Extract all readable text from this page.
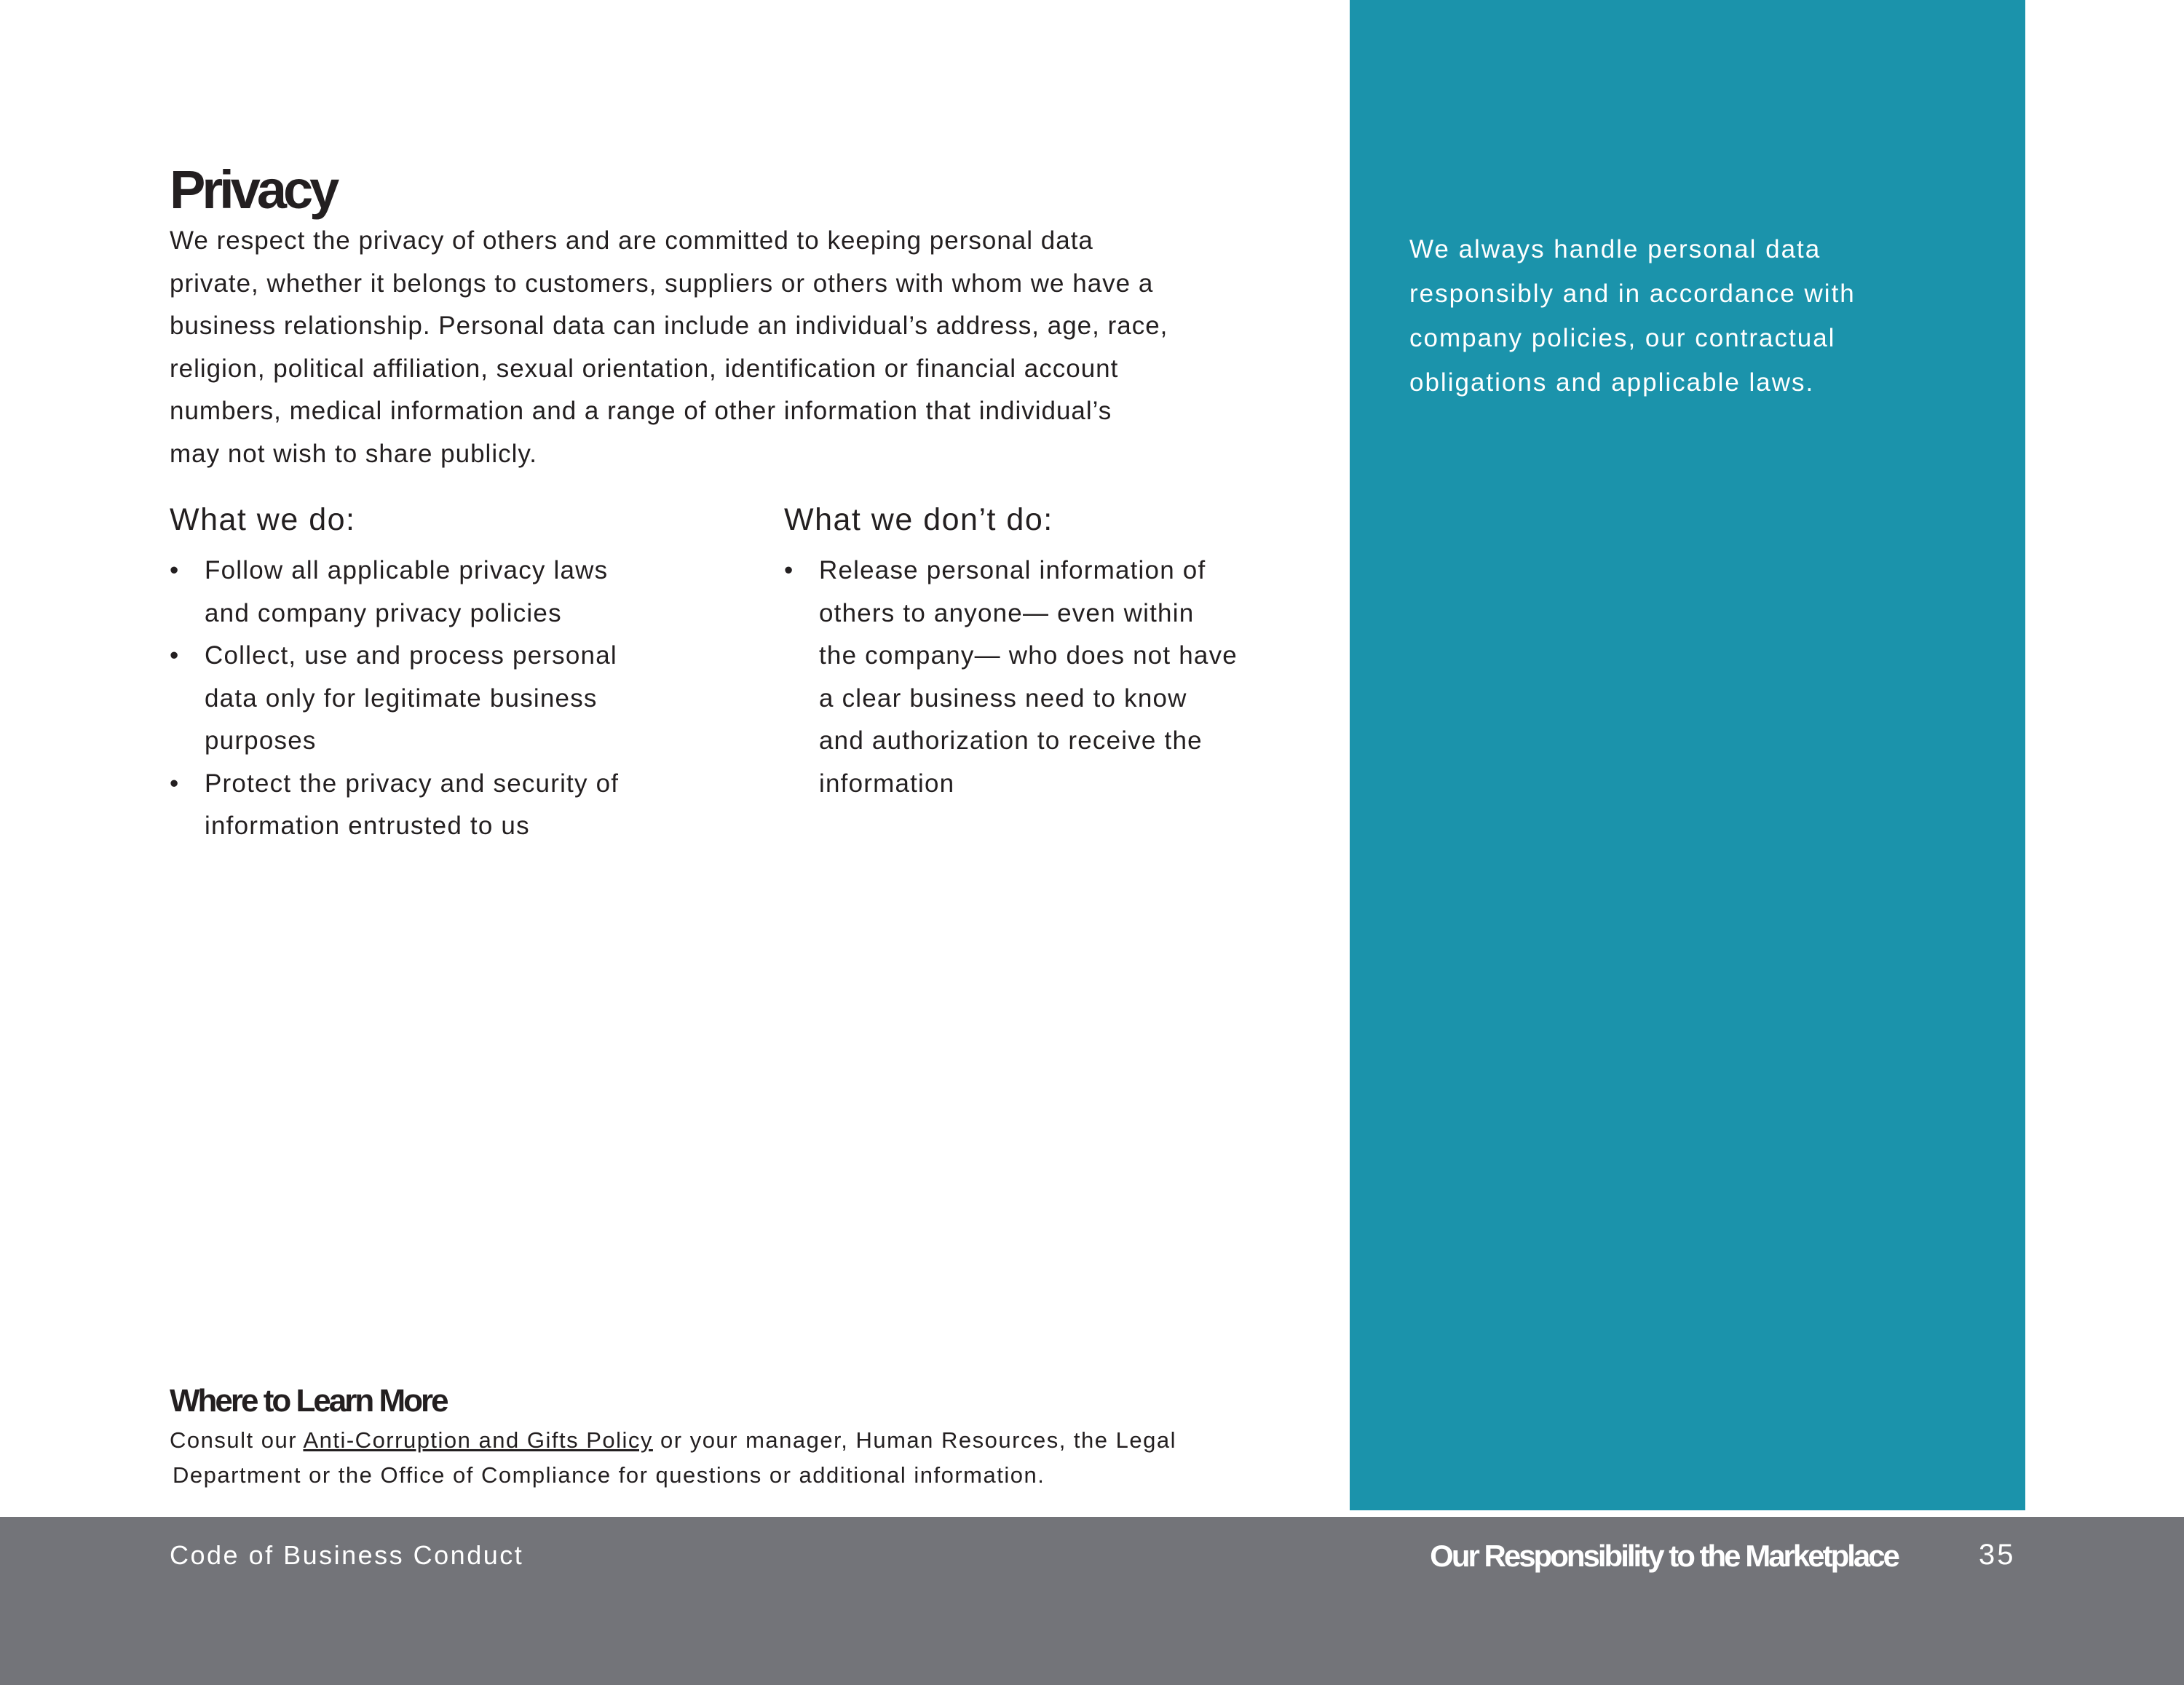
We always handle personal data
responsibly and in accordance with
company policies, our contractual
obligations and applicable laws.
Privacy
We respect the privacy of others and are committed to keeping personal data
private, whether it belongs to customers, suppliers or others with whom we have a
business relationship. Personal data can include an individual’s address, age, race,
religion, political affiliation, sexual orientation, identification or financial account
numbers, medical information and a range of other information that individual’s
may not wish to share publicly.
What we do:
• Follow all applicable privacy laws
and company privacy policies
• Collect, use and process personal
data only for legitimate business
purposes
• Protect the privacy and security of
information entrusted to us
What we don’t do:
• Release personal information of
others to anyone— even within
the company— who does not have
a clear business need to know
and authorization to receive the
information
Where to Learn More
Consult our Anti-Corruption and Gifts Policy or your manager, Human Resources, the Legal
Department or the Office of Compliance for questions or additional information.
Code of Business Conduct	Our Responsibility to the Marketplace	35
